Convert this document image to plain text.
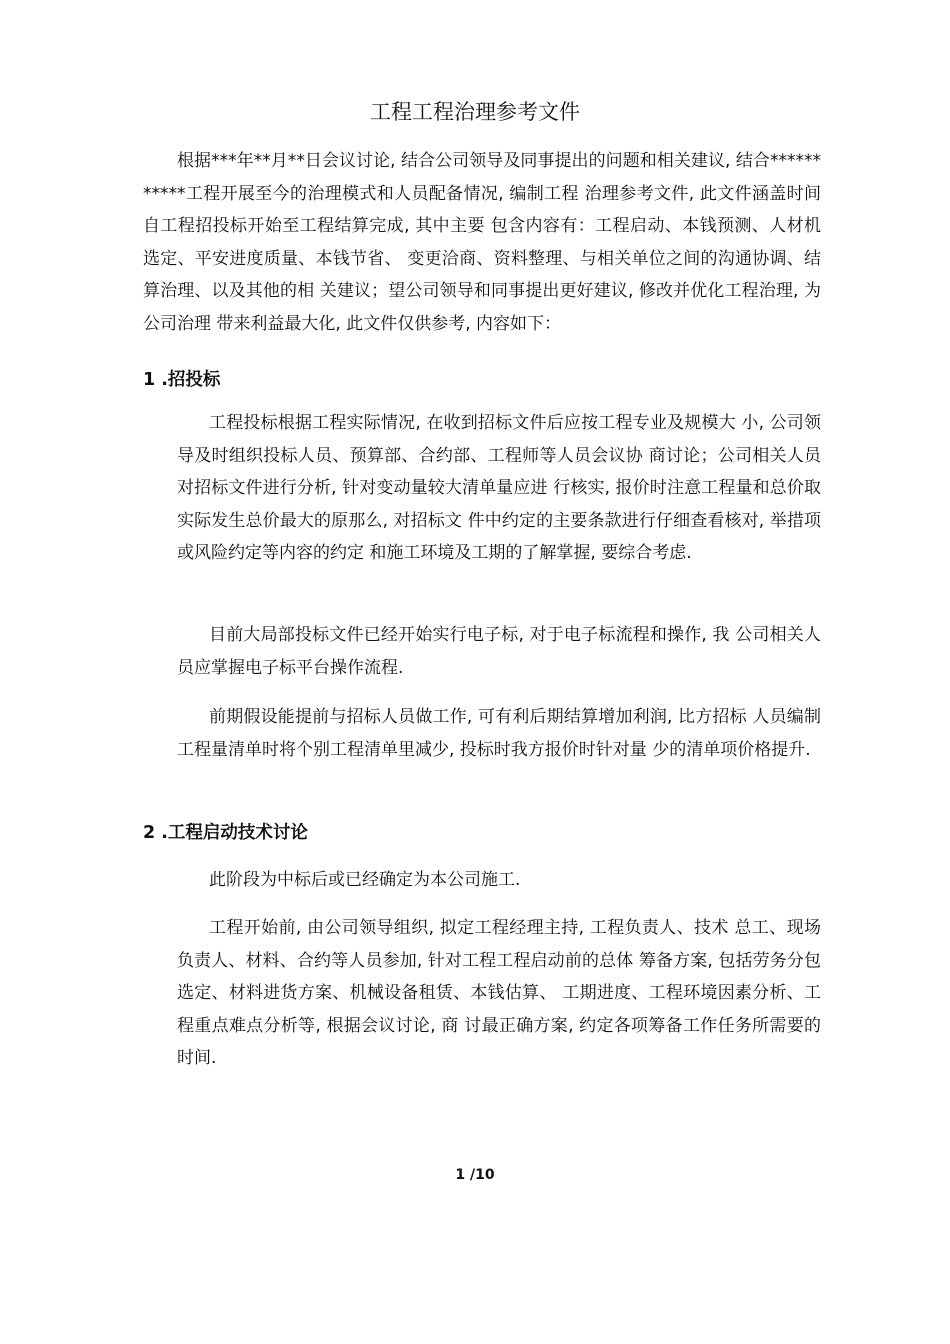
工程工程治理参考文件

根据***年**月**日会议讨论, 结合公司领导及同事提出的问题和相关建议, 结合***********工程开展至今的治理模式和人员配备情况, 编制工程 治理参考文件, 此文件涵盖时间自工程招投标开始至工程结算完成, 其中主要 包含内容有：工程启动、本钱预测、人材机选定、平安进度质量、本钱节省、 变更洽商、资料整理、与相关单位之间的沟通协调、结算治理、以及其他的相 关建议；望公司领导和同事提出更好建议, 修改并优化工程治理, 为公司治理 带来利益最大化, 此文件仅供参考, 内容如下：

1 .招投标

工程投标根据工程实际情况, 在收到招标文件后应按工程专业及规模大 小, 公司领导及时组织投标人员、预算部、合约部、工程师等人员会议协 商讨论；公司相关人员对招标文件进行分析, 针对变动量较大清单量应进 行核实, 报价时注意工程量和总价取实际发生总价最大的原那么, 对招标文 件中约定的主要条款进行仔细查看核对, 举措项或风险约定等内容的约定 和施工环境及工期的了解掌握, 要综合考虑.

目前大局部投标文件已经开始实行电子标, 对于电子标流程和操作, 我 公司相关人员应掌握电子标平台操作流程.

前期假设能提前与招标人员做工作, 可有利后期结算增加利润, 比方招标 人员编制工程量清单时将个别工程清单里减少, 投标时我方报价时针对量 少的清单项价格提升.

2 .工程启动技术讨论

此阶段为中标后或已经确定为本公司施工.

工程开始前, 由公司领导组织, 拟定工程经理主持, 工程负责人、技术 总工、现场负责人、材料、合约等人员参加, 针对工程工程启动前的总体 筹备方案, 包括劳务分包选定、材料进货方案、机械设备租赁、本钱估算、 工期进度、工程环境因素分析、工程重点难点分析等, 根据会议讨论, 商 讨最正确方案, 约定各项筹备工作任务所需要的时间.

1 /10
